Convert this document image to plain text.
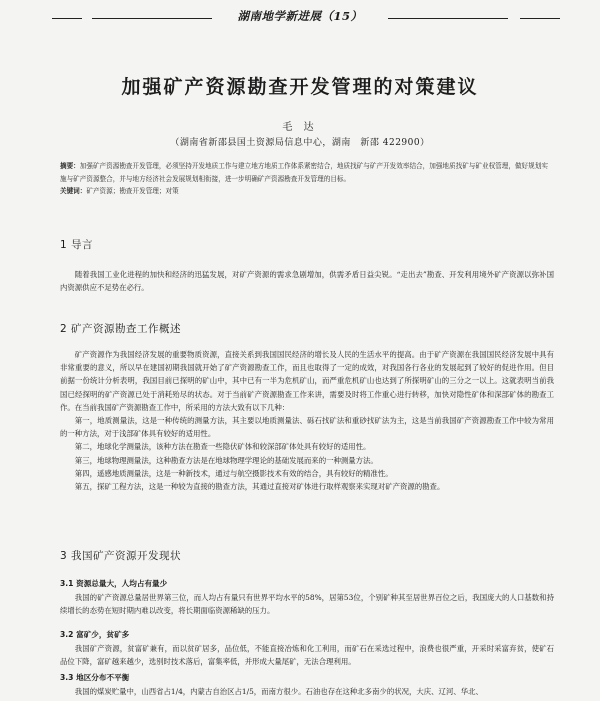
湖南地学新进展（15）
加强矿产资源勘查开发管理的对策建议
毛 达
（湖南省新邵县国土资源局信息中心，湖南　新邵 422900）
摘要：加强矿产资源勘查开发管理，必须坚持开发地质工作与建立地方地质工作体系紧密结合，地质找矿与矿产开发效率结合，加强地质找矿与矿业权管理，做好规划实施与矿产资源整合，并与地方经济社会发展规划相衔接，进一步明确矿产资源勘查开发管理的目标。
关键词：矿产资源；勘查开发管理；对策
1 导言

随着我国工业化进程的加快和经济的迅猛发展，对矿产资源的需求急剧增加，供需矛盾日益尖锐。“走出去”勘查、开发利用境外矿产资源以弥补国内资源供应不足势在必行。

2 矿产资源勘查工作概述

矿产资源作为我国经济发展的重要物质资源，直接关系到我国国民经济的增长及人民的生活水平的提高。由于矿产资源在我国国民经济发展中具有非常重要的意义，所以早在建国初期我国就开始了矿产资源勘查工作，而且也取得了一定的成效，对我国各行各业的发展起到了较好的促进作用。但目前据一份统计分析表明，我国目前已探明的矿山中，其中已有一半为危机矿山，而严重危机矿山也达到了所探明矿山的三分之一以上。这就表明当前我国已经探明的矿产资源已处于消耗殆尽的状态。对于当前矿产资源勘查工作来讲，需要及时将工作重心进行转移，加快对隐性矿体和深部矿体的勘查工作。在当前我国矿产资源勘查工作中，所采用的方法大致有以下几种：

第一，地质测量法，这是一种传统的测量方法，其主要以地质测量法、砾石找矿法和重砂找矿法为主，这是当前我国矿产资源勘查工作中较为常用的一种方法，对于浅部矿体具有较好的适用性。

第二，地球化学测量法，该种方法在勘查一些隐伏矿体和较深部矿体处具有较好的适用性。

第三，地球物理测量法，这种勘查方法是在地球物理学理论的基础发展而来的一种测量方法。

第四，遥感地质测量法，这是一种新技术，通过与航空摄影技术有效的结合，具有较好的精准性。

第五，探矿工程方法，这是一种较为直接的勘查方法，其通过直接对矿体进行取样观察来实现对矿产资源的勘查。

3 我国矿产资源开发现状
3.1 资源总量大，人均占有量少

我国的矿产资源总量居世界第三位，而人均占有量只有世界平均水平的58%，居第53位，个别矿种其至居世界百位之后，我国庞大的人口基数和持续增长的态势在短时期内难以改变，将长期面临资源稀缺的压力。

3.2 富矿少，贫矿多

我国矿产资源，贫富矿兼有，而以贫矿居多，品位低，不能直接冶炼和化工利用，而矿石在采选过程中，浪费也很严重，开采时采富弃贫，使矿石品位下降，富矿越来越少，选别时技术落后，富集率低，并形成大量尾矿，无法合理利用。

3.3 地区分布不平衡

我国的煤炭贮量中，山西省占1/4，内蒙古自治区占1/5，而南方很少。石油也存在这种北多南少的状况，大庆、辽河、华北、
